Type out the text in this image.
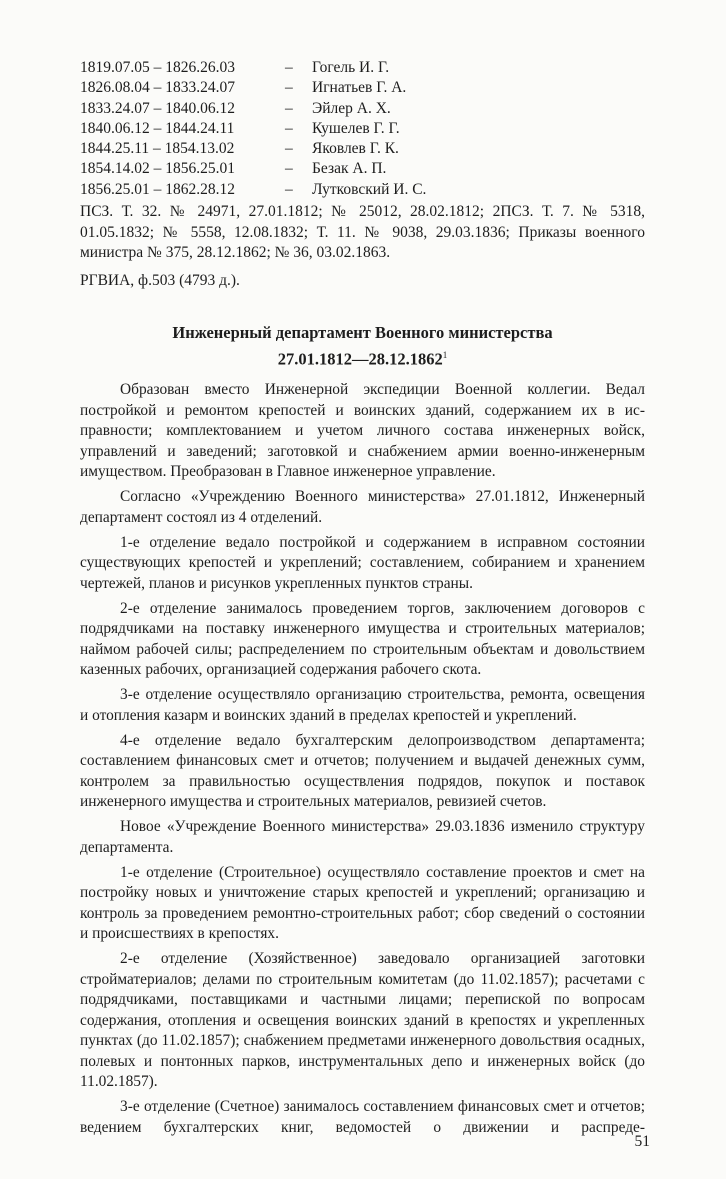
1819.07.05 – 1826.26.03	–	Гогель И. Г.
1826.08.04 – 1833.24.07	–	Игнатьев Г. А.
1833.24.07 – 1840.06.12	–	Эйлер А. Х.
1840.06.12 – 1844.24.11	–	Кушелев Г. Г.
1844.25.11 – 1854.13.02	–	Яковлев Г. К.
1854.14.02 – 1856.25.01	–	Безак А. П.
1856.25.01 – 1862.28.12	–	Лутковский И. С.

ПСЗ. Т. 32. № 24971, 27.01.1812; № 25012, 28.02.1812; 2ПСЗ. Т. 7. № 5318, 01.05.1832; № 5558, 12.08.1832; Т. 11. № 9038, 29.03.1836; Приказы военного министра № 375, 28.12.1862; № 36, 03.02.1863.

РГВИА, ф.503 (4793 д.).

Инженерный департамент Военного министерства
27.01.1812—28.12.1862$^1$

Образован вместо Инженерной экспедиции Военной коллегии. Ведал постройкой и ремонтом крепостей и воинских зданий, содержанием их в исправности; комплектованием и учетом личного состава инженерных войск, управлений и заведений; заготовкой и снабжением армии военно-инженерным имуществом. Преобразован в Главное инженерное управление.

Согласно «Учреждению Военного министерства» 27.01.1812, Инженерный департамент состоял из 4 отделений.

1-е отделение ведало постройкой и содержанием в исправном состоянии существующих крепостей и укреплений; составлением, собиранием и хранением чертежей, планов и рисунков укрепленных пунктов страны.

2-е отделение занималось проведением торгов, заключением договоров с подрядчиками на поставку инженерного имущества и строительных материалов; наймом рабочей силы; распределением по строительным объектам и довольствием казенных рабочих, организацией содержания рабочего скота.

3-е отделение осуществляло организацию строительства, ремонта, освещения и отопления казарм и воинских зданий в пределах крепостей и укреплений.

4-е отделение ведало бухгалтерским делопроизводством департамента; составлением финансовых смет и отчетов; получением и выдачей денежных сумм, контролем за правильностью осуществления подрядов, покупок и поставок инженерного имущества и строительных материалов, ревизией счетов.

Новое «Учреждение Военного министерства» 29.03.1836 изменило структуру департамента.

1-е отделение (Строительное) осуществляло составление проектов и смет на постройку новых и уничтожение старых крепостей и укреплений; организацию и контроль за проведением ремонтно-строительных работ; сбор сведений о состоянии и происшествиях в крепостях.

2-е отделение (Хозяйственное) заведовало организацией заготовки стройматериалов; делами по строительным комитетам (до 11.02.1857); расчетами с подрядчиками, поставщиками и частными лицами; перепиской по вопросам содержания, отопления и освещения воинских зданий в крепостях и укрепленных пунктах (до 11.02.1857); снабжением предметами инженерного довольствия осадных, полевых и понтонных парков, инструментальных депо и инженерных войск (до 11.02.1857).

3-е отделение (Счетное) занималось составлением финансовых смет и отчетов; ведением бухгалтерских книг, ведомостей о движении и распреде-

51
